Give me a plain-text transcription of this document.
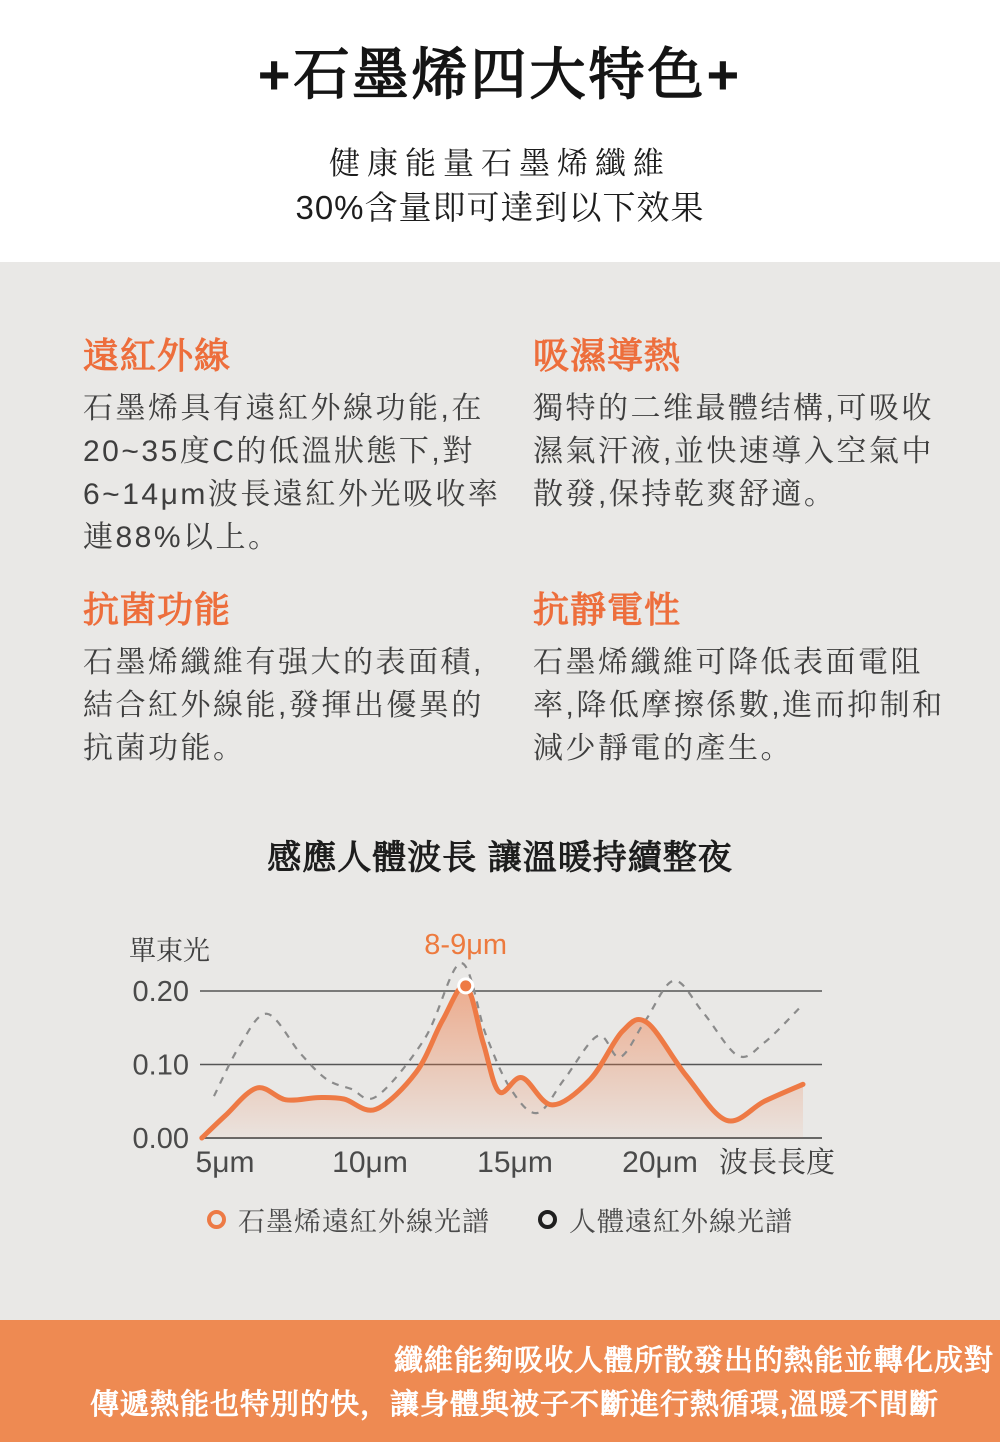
+石墨烯四大特色+
健康能量石墨烯纖維
30%含量即可達到以下效果
遠紅外線

石墨烯具有遠紅外線功能,在20~35度C的低溫狀態下,對6~14μm波長遠紅外光吸收率連88%以上。

吸濕導熱

獨特的二维最體结構,可吸收濕氣汗液,並快速導入空氣中散發,保持乾爽舒適。

抗菌功能

石墨烯纖維有强大的表面積,結合紅外線能,發揮出優異的抗菌功能。

抗靜電性

石墨烯纖維可降低表面電阻率,降低摩擦係數,進而抑制和減少靜電的產生。

感應人體波長 讓溫暖持續整夜
0.20
0.10
0.00
5μm	10μm 15μm 20μm 波長長度
單束光	8-9μm
石墨烯遠紅外線光譜	人體遠紅外線光譜
纖維能夠吸收人體所散發出的熱能並轉化成對
傳遞熱能也特別的快，讓身體與被子不斷進行熱循環,溫暖不間斷
